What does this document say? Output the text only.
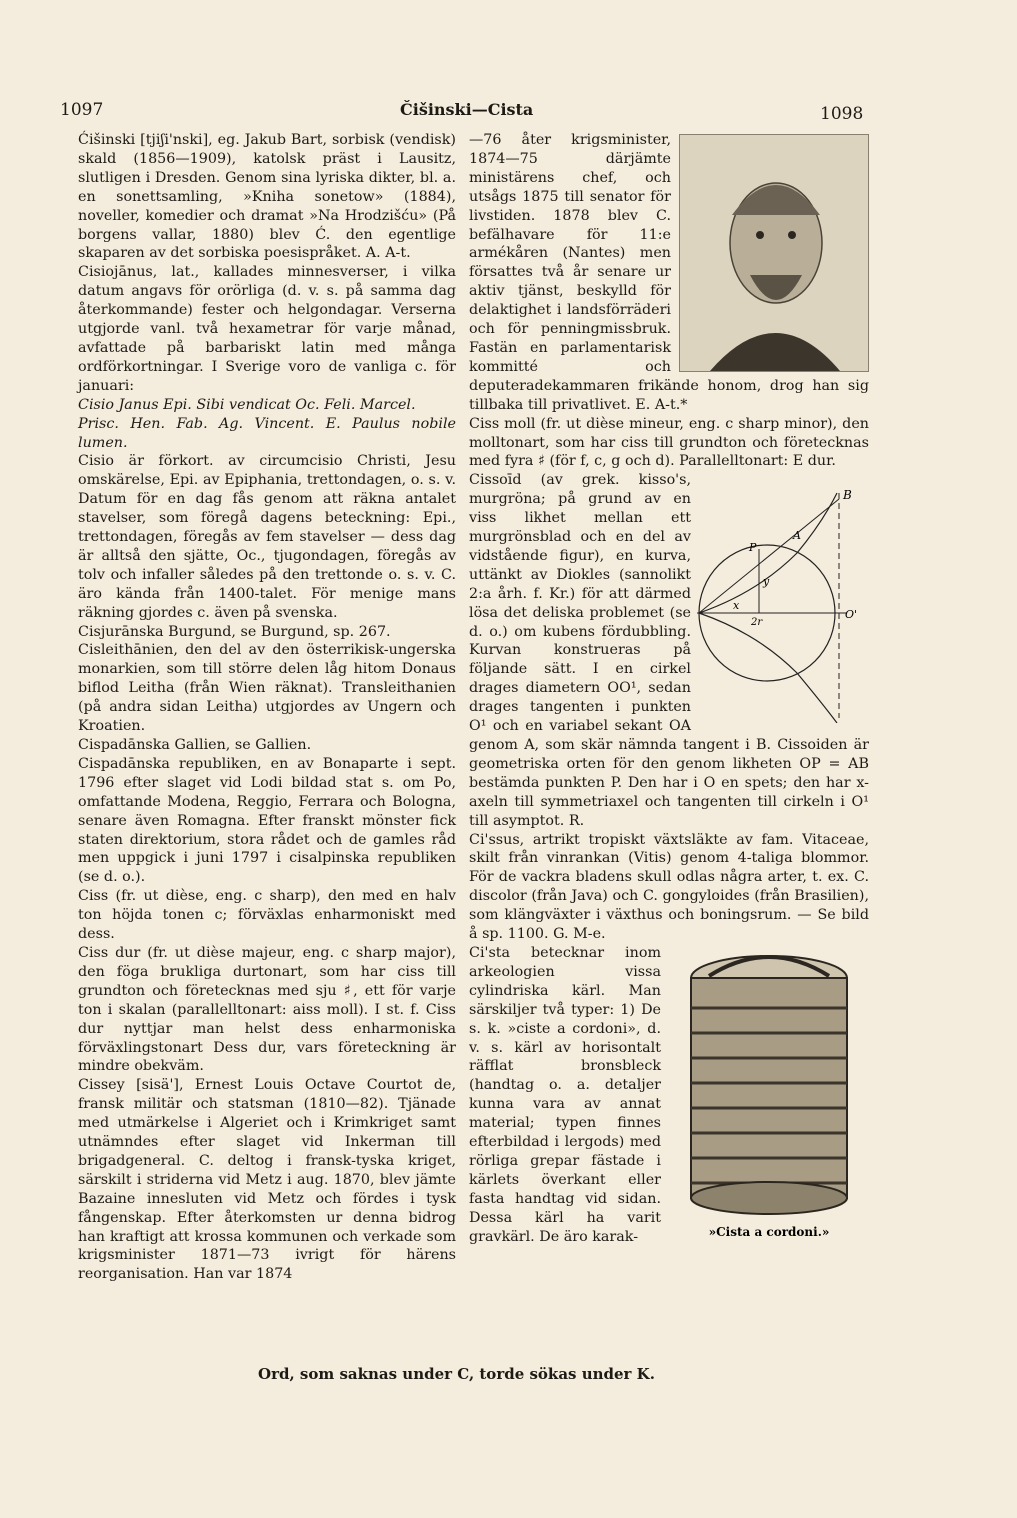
1097	Čišinski—Cista	1098

Ćišinski [tjiʃi'nski], eg. Jakub Bart, sorbisk (vendisk) skald (1856—1909), katolsk präst i Lausitz, slutligen i Dresden. Genom sina lyriska dikter, bl. a. en sonettsamling, »Kniha sonetow» (1884), noveller, komedier och dramat »Na Hrodzišću» (På borgens vallar, 1880) blev Ć. den egentlige skaparen av det sorbiska poesispråket. A. A-t.

Cisiojānus, lat., kallades minnesverser, i vilka datum angavs för orörliga (d. v. s. på samma dag återkommande) fester och helgondagar. Verserna utgjorde vanl. två hexametrar för varje månad, avfattade på barbariskt latin med många ordförkortningar. I Sverige voro de vanliga c. för januari:

Cisio Janus Epi. Sibi vendicat Oc. Feli. Marcel.

Prisc. Hen. Fab. Ag. Vincent. E. Paulus nobile lumen.

Cisio är förkort. av circumcisio Christi, Jesu omskärelse, Epi. av Epiphania, trettondagen, o. s. v. Datum för en dag fås genom att räkna antalet stavelser, som föregå dagens beteckning: Epi., trettondagen, föregås av fem stavelser — dess dag är alltså den sjätte, Oc., tjugondagen, föregås av tolv och infaller således på den trettonde o. s. v. C. äro kända från 1400-talet. För menige mans räkning gjordes c. även på svenska.

Cisjurānska Burgund, se Burgund, sp. 267.

Cisleithānien, den del av den österrikisk-ungerska monarkien, som till större delen låg hitom Donaus biflod Leitha (från Wien räknat). Transleithanien (på andra sidan Leitha) utgjordes av Ungern och Kroatien.

Cispadānska Gallien, se Gallien.

Cispadānska republiken, en av Bonaparte i sept. 1796 efter slaget vid Lodi bildad stat s. om Po, omfattande Modena, Reggio, Ferrara och Bologna, senare även Romagna. Efter franskt mönster fick staten direktorium, stora rådet och de gamles råd men uppgick i juni 1797 i cisalpinska republiken (se d. o.).

Ciss (fr. ut dièse, eng. c sharp), den med en halv ton höjda tonen c; förväxlas enharmoniskt med dess.

Ciss dur (fr. ut dièse majeur, eng. c sharp major), den föga brukliga durtonart, som har ciss till grundton och företecknas med sju ♯, ett för varje ton i skalan (parallelltonart: aiss moll). I st. f. Ciss dur nyttjar man helst dess enharmoniska förväxlingstonart Dess dur, vars företeckning är mindre obekväm.

Cissey [sisä'], Ernest Louis Octave Courtot de, fransk militär och statsman (1810—82). Tjänade med utmärkelse i Algeriet och i Krimkriget samt utnämndes efter slaget vid Inkerman till brigadgeneral. C. deltog i fransk-tyska kriget, särskilt i striderna vid Metz i aug. 1870, blev jämte Bazaine innesluten vid Metz och fördes i tysk fångenskap. Efter återkomsten ur denna bidrog han kraftigt att krossa kommunen och verkade som krigsminister 1871—73 ivrigt för härens reorganisation. Han var 1874

—76 åter krigsminister, 1874—75 därjämte ministärens chef, och utsågs 1875 till senator för livstiden. 1878 blev C. befälhavare för 11:e armékåren (Nantes) men försattes två år senare ur aktiv tjänst, beskylld för delaktighet i landsförräderi och för penningmissbruk. Fastän en parlamentarisk kommitté och deputeradekammaren frikände honom, drog han sig tillbaka till privatlivet. E. A-t.*

Ciss moll (fr. ut dièse mineur, eng. c sharp minor), den molltonart, som har ciss till grundton och företecknas med fyra ♯ (för f, c, g och d). Parallelltonart: E dur.

B
A
P
y
x
2r
O'

Cissoīd (av grek. kisso's, murgröna; på grund av en viss likhet mellan ett murgrönsblad och en del av vidstående figur), en kurva, uttänkt av Diokles (sannolikt 2:a årh. f. Kr.) för att därmed lösa det deliska problemet (se d. o.) om kubens fördubbling. Kurvan konstrueras på följande sätt. I en cirkel drages diametern OO¹, sedan drages tangenten i punkten O¹ och en variabel sekant OA genom A, som skär nämnda tangent i B. Cissoiden är geometriska orten för den genom likheten OP = AB bestämda punkten P. Den har i O en spets; den har x-axeln till symmetriaxel och tangenten till cirkeln i O¹ till asymptot. R.

Ci'ssus, artrikt tropiskt växtsläkte av fam. Vitaceae, skilt från vinrankan (Vitis) genom 4-taliga blommor. För de vackra bladens skull odlas några arter, t. ex. C. discolor (från Java) och C. gongyloides (från Brasilien), som klängväxter i växthus och boningsrum. — Se bild å sp. 1100. G. M-e.

»Cista a cordoni.»

Ci'sta betecknar inom arkeologien vissa cylindriska kärl. Man särskiljer två typer: 1) De s. k. »ciste a cordoni», d. v. s. kärl av horisontalt räfflat bronsbleck (handtag o. a. detaljer kunna vara av annat material; typen finnes efterbildad i lergods) med rörliga grepar fästade i kärlets överkant eller fasta handtag vid sidan. Dessa kärl ha varit gravkärl. De äro karak-

Ord, som saknas under C, torde sökas under K.
